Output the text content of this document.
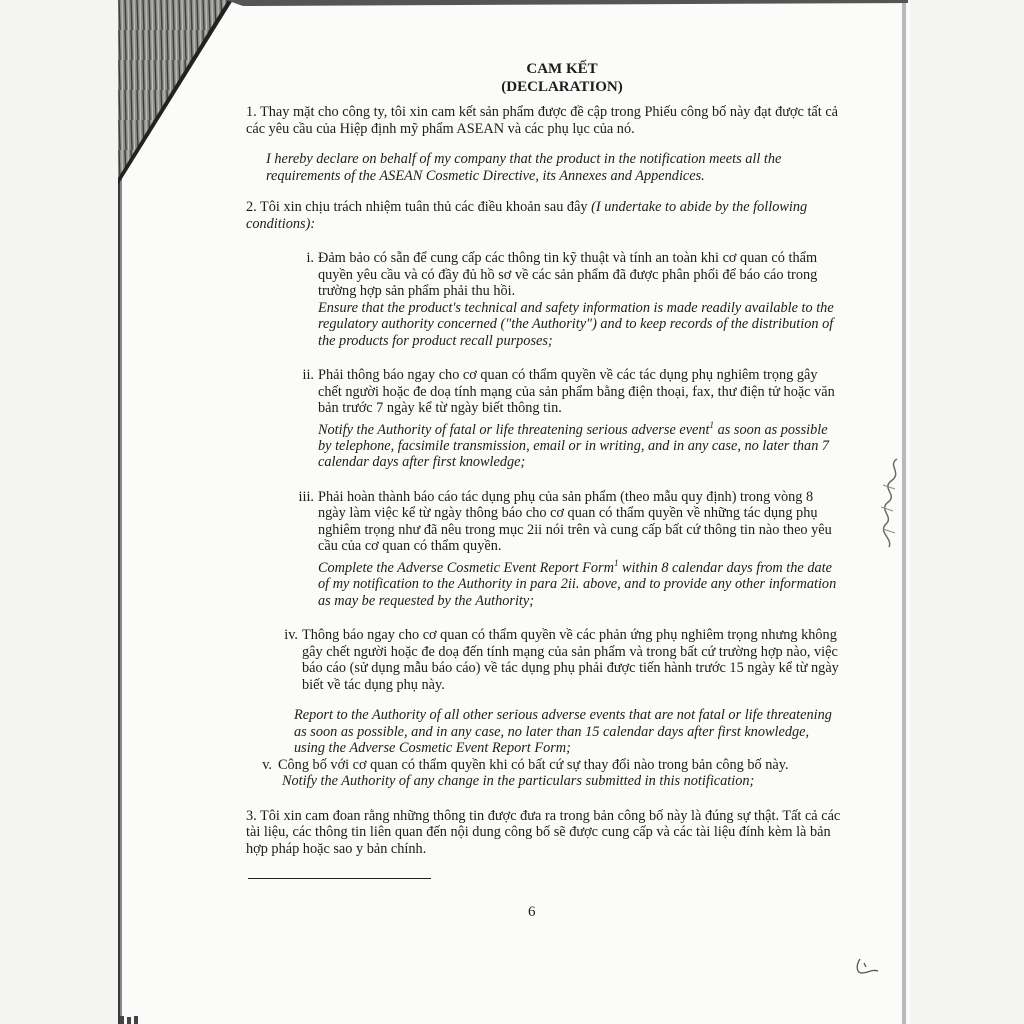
CAM KẾT
(DECLARATION)

1. Thay mặt cho công ty, tôi xin cam kết sản phẩm được đề cập trong Phiếu công bố này đạt được tất cả các yêu cầu của Hiệp định mỹ phẩm ASEAN và các phụ lục của nó.

I hereby declare on behalf of my company that the product in the notification meets all the requirements of the ASEAN Cosmetic Directive, its Annexes and Appendices.

2. Tôi xin chịu trách nhiệm tuân thủ các điều khoản sau đây (I undertake to abide by the following conditions):

i. Đảm bảo có sẵn để cung cấp các thông tin kỹ thuật và tính an toàn khi cơ quan có thẩm quyền yêu cầu và có đầy đủ hồ sơ về các sản phẩm đã được phân phối để báo cáo trong trường hợp sản phẩm phải thu hồi.

Ensure that the product's technical and safety information is made readily available to the regulatory authority concerned ("the Authority") and to keep records of the distribution of the products for product recall purposes;

ii. Phải thông báo ngay cho cơ quan có thẩm quyền về các tác dụng phụ nghiêm trọng gây chết người hoặc đe doạ tính mạng của sản phẩm bằng điện thoại, fax, thư điện tử hoặc văn bản trước 7 ngày kể từ ngày biết thông tin.

Notify the Authority of fatal or life threatening serious adverse event$^1$ as soon as possible by telephone, facsimile transmission, email or in writing, and in any case, no later than 7 calendar days after first knowledge;

iii. Phải hoàn thành báo cáo tác dụng phụ của sản phẩm (theo mẫu quy định) trong vòng 8 ngày làm việc kể từ ngày thông báo cho cơ quan có thẩm quyền về những tác dụng phụ nghiêm trọng như đã nêu trong mục 2ii nói trên và cung cấp bất cứ thông tin nào theo yêu cầu của cơ quan có thẩm quyền.

Complete the Adverse Cosmetic Event Report Form$^1$ within 8 calendar days from the date of my notification to the Authority in para 2ii. above, and to provide any other information as may be requested by the Authority;

iv. Thông báo ngay cho cơ quan có thẩm quyền về các phản ứng phụ nghiêm trọng nhưng không gây chết người hoặc đe doạ đến tính mạng của sản phẩm và trong bất cứ trường hợp nào, việc báo cáo (sử dụng mẫu báo cáo) về tác dụng phụ phải được tiến hành trước 15 ngày kể từ ngày biết về tác dụng phụ này.

Report to the Authority of all other serious adverse events that are not fatal or life threatening as soon as possible, and in any case, no later than 15 calendar days after first knowledge, using the Adverse Cosmetic Event Report Form;

v. Công bố với cơ quan có thẩm quyền khi có bất cứ sự thay đổi nào trong bản công bố này.

Notify the Authority of any change in the particulars submitted in this notification;

3. Tôi xin cam đoan rằng những thông tin được đưa ra trong bản công bố này là đúng sự thật. Tất cả các tài liệu, các thông tin liên quan đến nội dung công bố sẽ được cung cấp và các tài liệu đính kèm là bản hợp pháp hoặc sao y bản chính.

6
